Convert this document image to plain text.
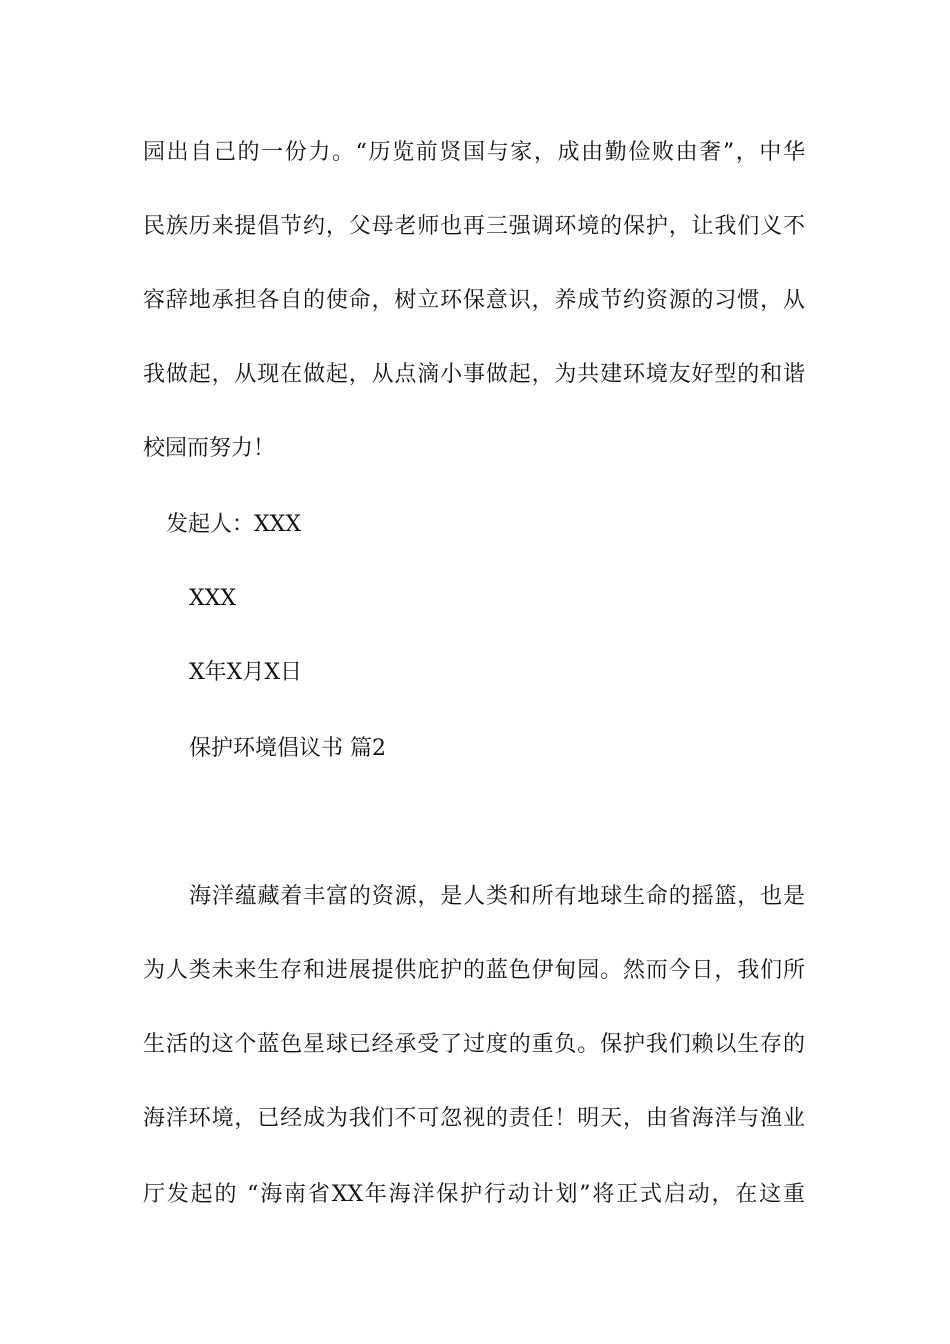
园出自己的一份力。“历览前贤国与家，成由勤俭败由奢”，中华
民族历来提倡节约，父母老师也再三强调环境的保护，让我们义不
容辞地承担各自的使命，树立环保意识，养成节约资源的习惯，从
我做起，从现在做起，从点滴小事做起，为共建环境友好型的和谐
校园而努力！
发起人：XXX
XXX
X年X月X日
保护环境倡议书 篇2
海洋蕴藏着丰富的资源，是人类和所有地球生命的摇篮，也是
为人类未来生存和进展提供庇护的蓝色伊甸园。然而今日，我们所
生活的这个蓝色星球已经承受了过度的重负。保护我们赖以生存的
海洋环境，已经成为我们不可忽视的责任！明天，由省海洋与渔业
厅发起的 “海南省XX年海洋保护行动计划”将正式启动，在这重
